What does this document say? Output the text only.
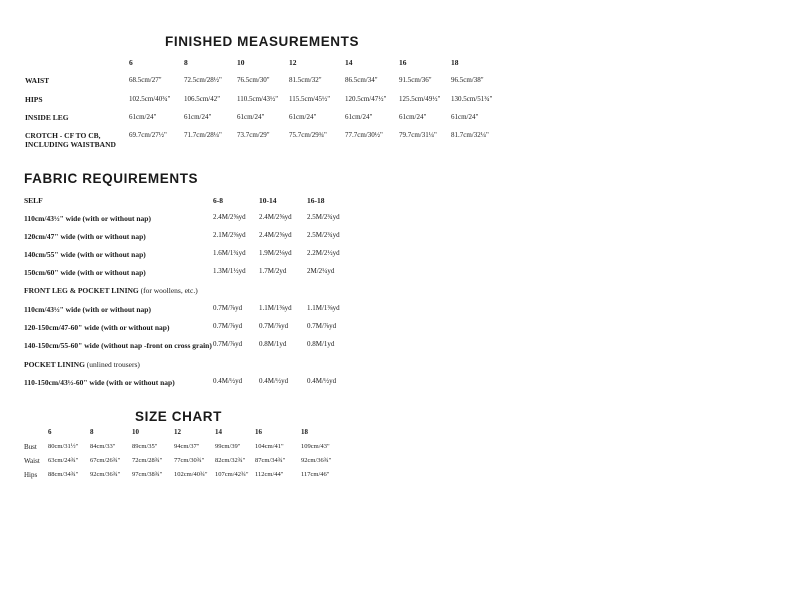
FINISHED MEASUREMENTS
6	8	10	12	14	16	18
WAIST	68.5cm/27"	72.5cm/28½" 76.5cm/30"	81.5cm/32"	86.5cm/34"	91.5cm/36"	96.5cm/38"
HIPS	102.5cm/40¾" 106.5cm/42" 110.5cm/43½" 115.5cm/45½" 120.5cm/47½" 125.5cm/49½" 130.5cm/51¾"
INSIDE LEG	61cm/24"	61cm/24"	61cm/24"	61cm/24"	61cm/24"	61cm/24"	61cm/24"
CROTCH - CF TO CB,
INCLUDING WAISTBAND
69.7cm/27½" 71.7cm/28¼" 73.7cm/29"	75.7cm/29¾"	77.7cm/30½" 79.7cm/31¼" 81.7cm/32¼"
FABRIC REQUIREMENTS
SELF	6-8	10-14	16-18
110cm/43½" wide (with or without nap)	2.4M/2⅝yd 2.4M/2⅝yd 2.5M/2¾yd
120cm/47" wide (with or without nap)	2.1M/2⅜yd 2.4M/2⅝yd 2.5M/2¾yd
140cm/55" wide (with or without nap)	1.6M/1¾yd 1.9M/2⅛yd 2.2M/2½yd
150cm/60" wide (with or without nap)	1.3M/1½yd 1.7M/2yd	2M/2¼yd
FRONT LEG & POCKET LINING (for woollens, etc.)
110cm/43½" wide (with or without nap)	0.7M/⅞yd 1.1M/1⅜yd 1.1M/1⅜yd
120-150cm/47-60" wide (with or without nap)	0.7M/⅞yd 0.7M/⅞yd	0.7M/⅞yd
140-150cm/55-60" wide (without nap -front on cross grain) 0.7M/⅞yd 0.8M/1yd	0.8M/1yd
POCKET LINING (unlined trousers)
110-150cm/43½-60" wide (with or without nap)	0.4M/½yd 0.4M/½yd	0.4M/½yd
SIZE CHART
6	8	10	12	14	16	18
Bust 80cm/31½" 84cm/33"	89cm/35"	94cm/37" 99cm/39" 104cm/41"	109cm/43"
Waist 63cm/24¾" 67cm/26¾" 72cm/28¾" 77cm/30¾" 82cm/32¾" 87cm/34¾" 92cm/36¾"
Hips 88cm/34¾" 92cm/36¾" 97cm/38¾" 102cm/40¾" 107cm/42¾" 112cm/44"	117cm/46"
